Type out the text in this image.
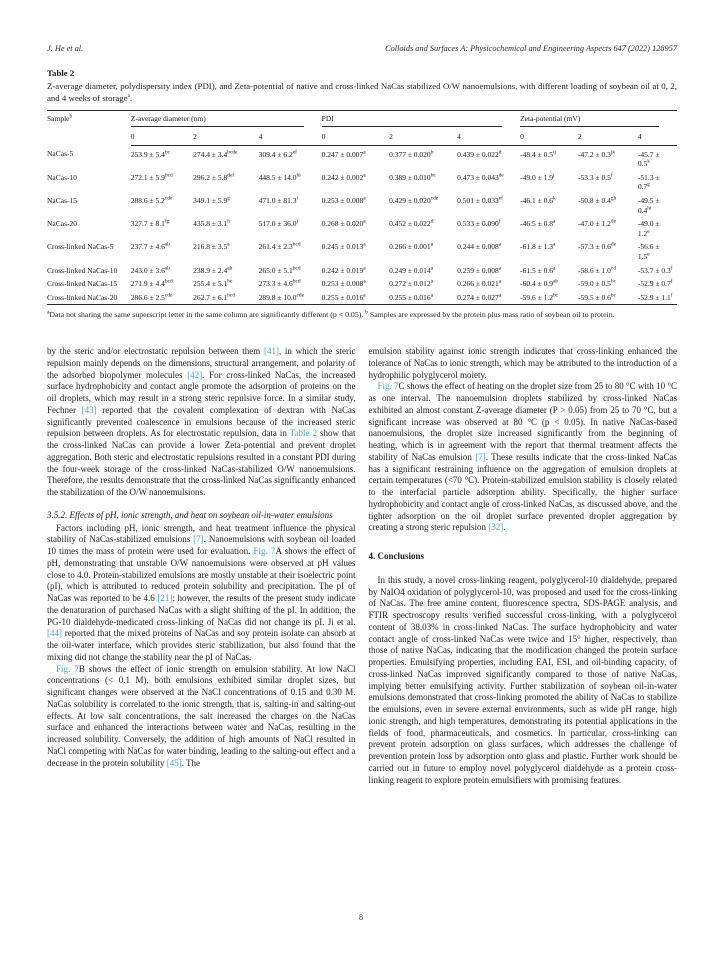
J. He et al.	Colloids and Surfaces A: Physicochemical and Engineering Aspects 647 (2022) 128957
Table 2
Z-average diameter, polydispersity index (PDI), and Zeta-potential of native and cross-linked NaCas stabilized O/W nanoemulsions, with different loading of soybean oil at 0, 2, and 4 weeks of storage$^a$.
Sample$^b$	Z-average diameter (nm)			PDI			Zeta-potential (mV)		

	0	2	4	0	2	4	0	2	4
NaCas-5	253.9 ± 5.4$^{bc}$	$274.4 \pm 3.4^{bcde}$	309.4 ± 6.2$^{ef}$	0.247 ± 0.007$^a$	0.377 ± 0.020$^b$	0.439 ± 0.022$^d$	$-48.4 \pm 0.5^{ij}$	$-47.2 \pm 0.3^{jk}$	$-45.7 \pm 0.5^k$
NaCas-10	272.1 ± 5.9$^{bcd}$	296.2 ± 5.8$^{def}$	$448.5 \pm 14.0^{hi}$	0.242 ± 0.002$^a$	0.389 ± 0.010$^{bc}$	0.473 ± 0.043de	$-49.0 \pm 1.9^j$	-53.3 ± 0.5$^f$	-51.3 ± 0.7$^g$
NaCas-15	288.6 ± 5.2$^{cde}$	349.1 ± 5.9$^g$	$471.0 \pm 81.3^i$	0.253 ± 0.008$^a$	0.429 ± 0.020$^{cde}$	0.501 ± 0.033$^{ef}$	$-46.1 \pm 0.6^k$	-50.8 ± 0.4$^{gh}$	$-49.5 \pm 0.4^{hi}$
NaCas-20	327.7 ± 8.1$^{fg}$	435.8 ± 3.1$^h$	$517.0 \pm 36.0^j$	0.268 ± 0.020$^a$	0.452 ± 0.022$^d$	0.533 ± 0.090$^f$	-46.5 ± 0.8$^a$	-47.0 ± 1.2de	-49.0 ± 1.2$^e$
Cross-linked NaCas-5	237.7 ± 4.6$^{ab}$	216.8 ± 3.5$^a$	261.4 ± 2.3$^{bcd}$	0.245 ± 0.013$^a$	0.266 ± 0.001$^a$	0.244 ± 0.008$^a$	-61.8 ± 1.3$^a$	-57.3 ± 0.6de	-56.6 ± 1.5$^e$
Cross-linked NaCas-10	243.0 ± 3.6$^{ab}$	238.9 ± 2.4$^{ab}$	265.0 ± 5.1$^{bcd}$	0.242 ± 0.019$^a$	0.249 ± 0.014$^a$	0.259 ± 0.008$^a$	-61.5 ± 0.6$^a$	-58.6 ± 1.0$^{cd}$	-53.7 ± 0.3$^f$
Cross-linked NaCas-15	271.9 ± 4.4$^{bcd}$	255.4 ± 5.1$^{bc}$	273.3 ± 4.6$^{bcd}$	0.253 ± 0.008$^a$	0.272 ± 0.012$^a$	0.266 ± 0.021$^a$	-60.4 ± 0.9$^{ab}$	-59.0 ± 0.5$^{bc}$	-52.9 ± 0.7$^f$
Cross-linked NaCas-20	286.6 ± 2.5$^{cde}$	262.7 ± 6.1$^{bcd}$	289.8 ± 10.0$^{cde}$	0.255 ± 0.016$^a$	0.255 ± 0.016$^a$	0.274 ± 0.027$^a$	-59.6 ± 1.2$^{bc}$	-59.5 ± 0.6$^{bc}$	-52.9 ± 1.1$^f$
$^a$Data not sharing the same superscript letter in the same column are significantly different (p < 0.05). $^b$ Samples are expressed by the protein plus mass ratio of soybean oil to protein.

by the steric and/or electrostatic repulsion between them [41], in which the steric repulsion mainly depends on the dimensions, structural arrangement, and polarity of the adsorbed biopolymer molecules [42]. For cross-linked NaCas, the increased surface hydrophobicity and contact angle promote the adsorption of proteins on the oil droplets, which may result in a strong steric repulsive force. In a similar study, Fechner [43] reported that the covalent complexation of dextran with NaCas significantly prevented coalescence in emulsions because of the increased steric repulsion between droplets. As for electrostatic repulsion, data in Table 2 show that the cross-linked NaCas can provide a lower Zeta-potential and prevent droplet aggregation. Both steric and electrostatic repulsions resulted in a constant PDI during the four-week storage of the cross-linked NaCas-stabilized O/W nanoemulsions. Therefore, the results demonstrate that the cross-linked NaCas significantly enhanced the stabilization of the O/W nanoemulsions.

3.5.2. Effects of pH, ionic strength, and heat on soybean oil-in-water emulsions

Factors including pH, ionic strength, and heat treatment influence the physical stability of NaCas-stabilized emulsions [7]. Nanoemulsions with soybean oil loaded 10 times the mass of protein were used for evaluation. Fig. 7A shows the effect of pH, demonstrating that unstable O/W nanoemulsions were observed at pH values close to 4.0. Protein-stabilized emulsions are mostly unstable at their isoelectric point (pI), which is attributed to reduced protein solubility and precipitation. The pI of NaCas was reported to be 4.6 [21]; however, the results of the present study indicate the denaturation of purchased NaCas with a slight shifting of the pI. In addition, the PG-10 dialdehyde-medicated cross-linking of NaCas did not change its pI. Ji et al. [44] reported that the mixed proteins of NaCas and soy protein isolate can absorb at the oil-water interface, which provides steric stabilization, but also found that the mixing did not change the stability near the pI of NaCas.

Fig. 7B shows the effect of ionic strength on emulsion stability. At low NaCl concentrations (< 0.1 M), both emulsions exhibited similar droplet sizes, but significant changes were observed at the NaCl concentrations of 0.15 and 0.30 M. NaCas solubility is correlated to the ionic strength, that is, salting-in and salting-out effects. At low salt concentrations, the salt increased the charges on the NaCas surface and enhanced the interactions between water and NaCas, resulting in the increased solubility. Conversely, the addition of high amounts of NaCl resulted in NaCl competing with NaCas for water binding, leading to the salting-out effect and a decrease in the protein solubility [45]. The

emulsion stability against ionic strength indicates that cross-linking enhanced the tolerance of NaCas to ionic strength, which may be attributed to the introduction of a hydrophilic polyglycerol moiety.

Fig. 7C shows the effect of heating on the droplet size from 25 to 80 °C with 10 °C as one interval. The nanoemulsion droplets stabilized by cross-linked NaCas exhibited an almost constant Z-average diameter (P > 0.05) from 25 to 70 °C, but a significant increase was observed at 80 °C (p < 0.05). In native NaCas-based nanoemulsions, the droplet size increased significantly from the beginning of heating, which is in agreement with the report that thermal treatment affects the stability of NaCas emulsion [7]. These results indicate that the cross-linked NaCas has a significant restraining influence on the aggregation of emulsion droplets at certain temperatures (<70 °C). Protein-stabilized emulsion stability is closely related to the interfacial particle adsorption ability. Specifically, the higher surface hydrophobicity and contact angle of cross-linked NaCas, as discussed above, and the tighter adsorption on the oil droplet surface prevented droplet aggregation by creating a strong steric repulsion [32].

4. Conclusions

In this study, a novel cross-linking reagent, polyglycerol-10 dialdehyde, prepared by NaIO4 oxidation of polyglycerol-10, was proposed and used for the cross-linking of NaCas. The free amine content, fluorescence spectra, SDS-PAGE analysis, and FTIR spectroscopy results verified successful cross-linking, with a polyglycerol content of 38.03% in cross-linked NaCas. The surface hydrophobicity and water contact angle of cross-linked NaCas were twice and 15° higher, respectively, than those of native NaCas, indicating that the modification changed the protein surface properties. Emulsifying properties, including EAI, ESI, and oil-binding capacity, of cross-linked NaCas improved significantly compared to those of native NaCas, implying better emulsifying activity. Further stabilization of soybean oil-in-water emulsions demonstrated that cross-linking promoted the ability of NaCas to stabilize the emulsions, even in severe external environments, such as wide pH range, high ionic strength, and high temperatures, demonstrating its potential applications in the fields of food, pharmaceuticals, and cosmetics. In particular, cross-linking can prevent protein adsorption on glass surfaces, which addresses the challenge of prevention protein loss by adsorption onto glass and plastic. Further work should be carried out in future to employ novel polyglycerol dialdehyde as a protein cross-linking reagent to explore protein emulsifiers with promising features.

8
